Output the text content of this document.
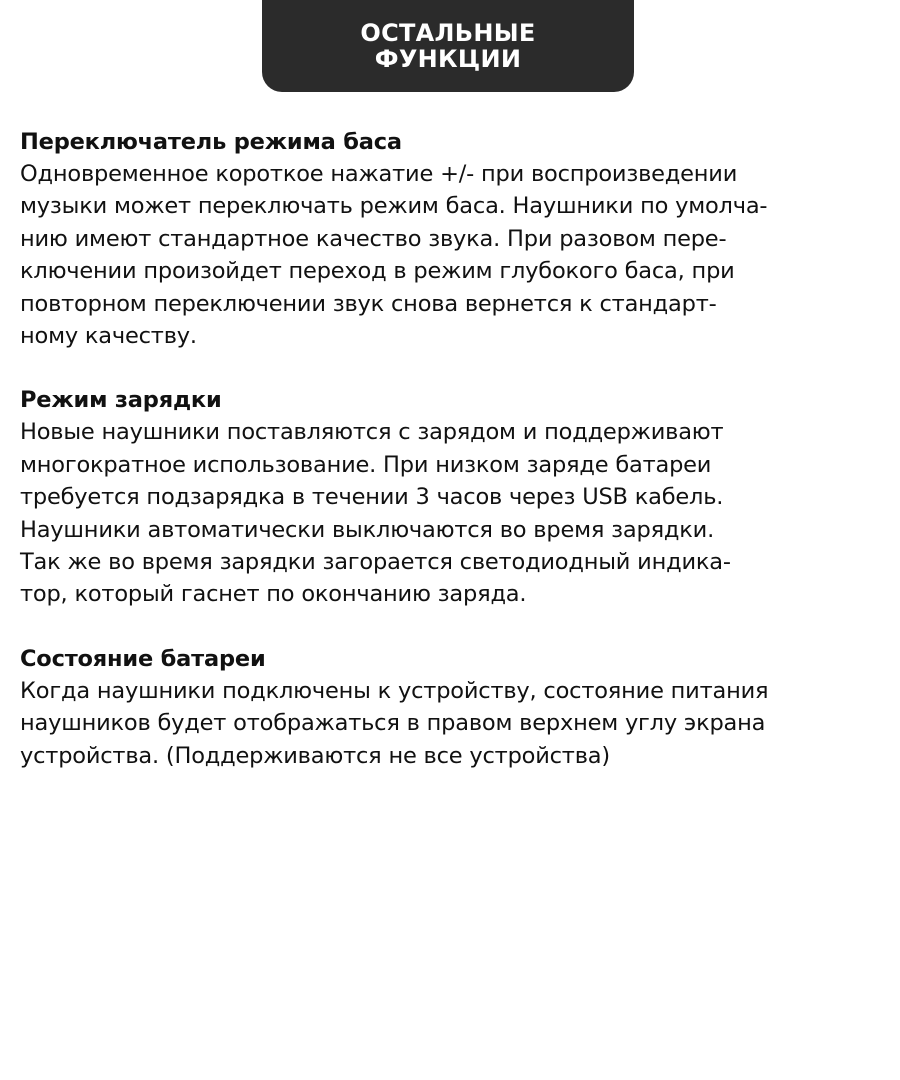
ОСТАЛЬНЫЕ
ФУНКЦИИ

Переключатель режима баса

Одновременное короткое нажатие +/- при воспроизведении

музыки может переключать режим баса. Наушники по умолча-

нию имеют стандартное качество звука. При разовом пере-

ключении произойдет переход в режим глубокого баса, при

повторном переключении звук снова вернется к стандарт-

ному качеству.

Режим зарядки

Новые наушники поставляются с зарядом и поддерживают

многократное использование. При низком заряде батареи

требуется подзарядка в течении 3 часов через USB кабель.

Наушники автоматически выключаются во время зарядки.

Так же во время зарядки загорается светодиодный индика-

тор, который гаснет по окончанию заряда.

Состояние батареи

Когда наушники подключены к устройству, состояние питания

наушников будет отображаться в правом верхнем углу экрана

устройства. (Поддерживаются не все устройства)
